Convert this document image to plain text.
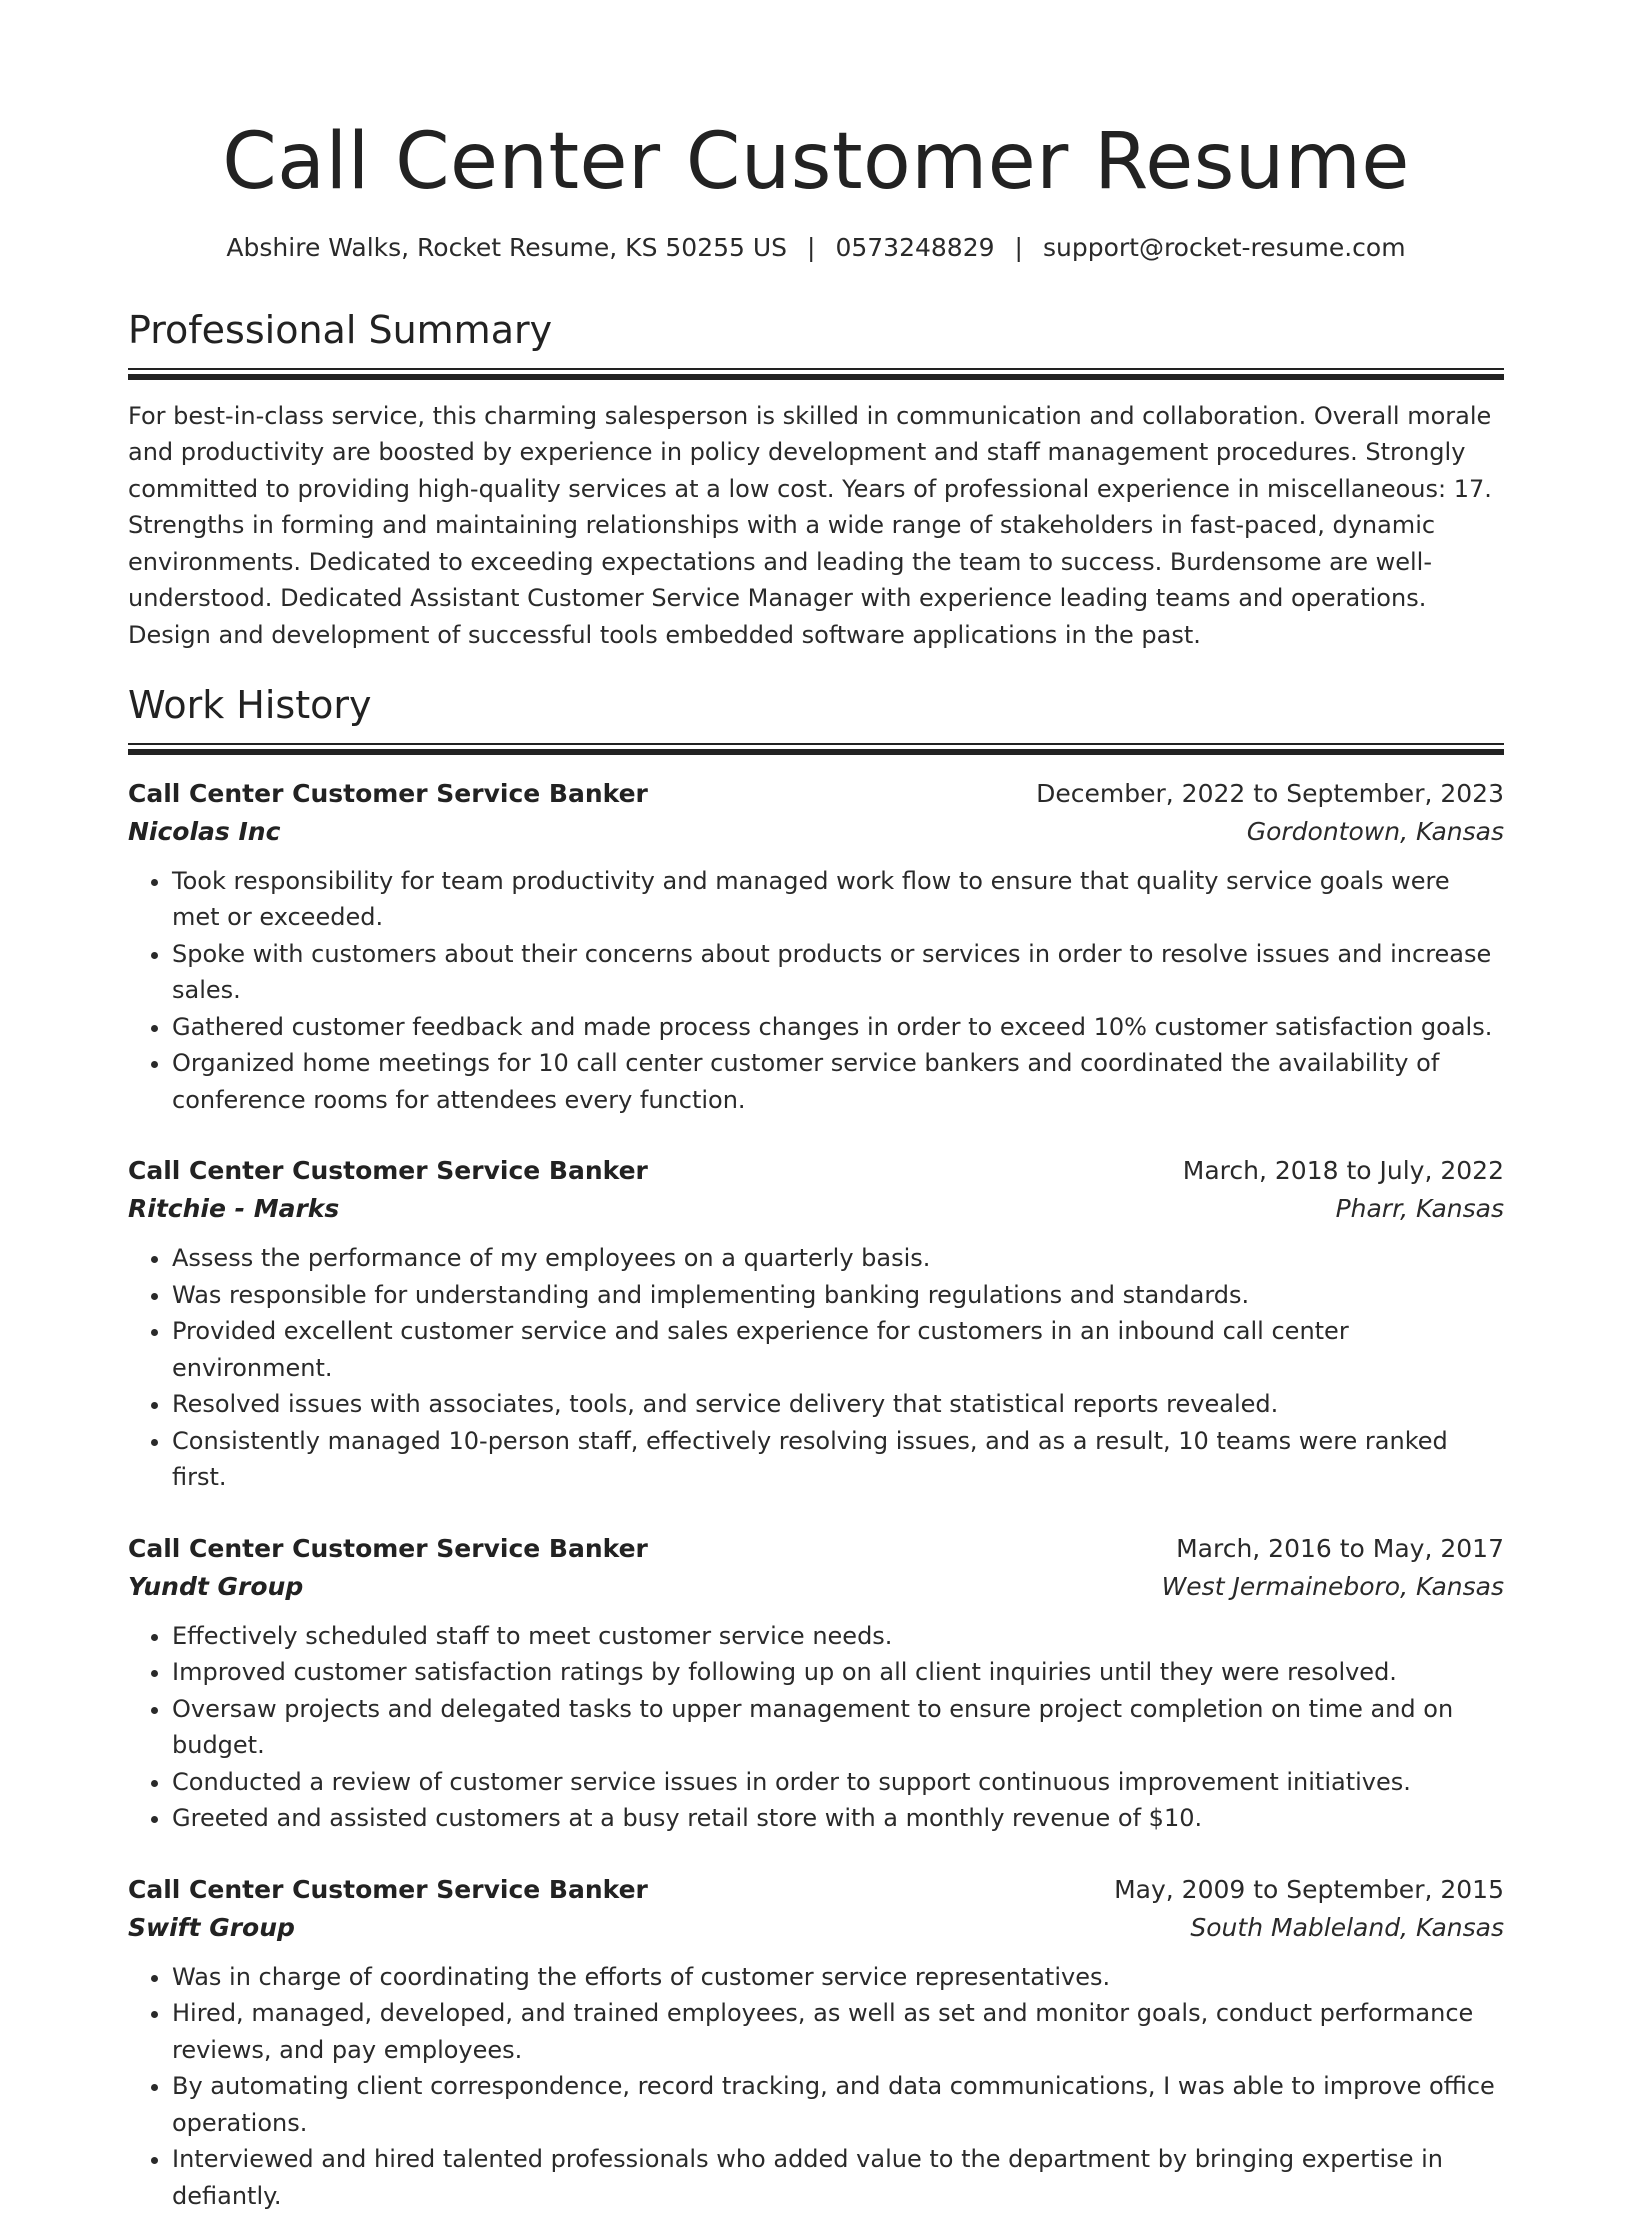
Call Center Customer Resume
Abshire Walks, Rocket Resume, KS 50255 US | 0573248829 | support@rocket-resume.com
Professional Summary

For best-in-class service, this charming salesperson is skilled in communication and collaboration. Overall morale and productivity are boosted by experience in policy development and staff management procedures. Strongly committed to providing high-quality services at a low cost. Years of professional experience in miscellaneous: 17. Strengths in forming and maintaining relationships with a wide range of stakeholders in fast-paced, dynamic environments. Dedicated to exceeding expectations and leading the team to success. Burdensome are well-understood. Dedicated Assistant Customer Service Manager with experience leading teams and operations. Design and development of successful tools embedded software applications in the past.

Work History
Call Center Customer Service Banker	December, 2022 to September, 2023
Nicolas Inc	Gordontown, Kansas
• Took responsibility for team productivity and managed work flow to ensure that quality service goals were met or exceeded.
• Spoke with customers about their concerns about products or services in order to resolve issues and increase sales.
• Gathered customer feedback and made process changes in order to exceed 10% customer satisfaction goals.
• Organized home meetings for 10 call center customer service bankers and coordinated the availability of conference rooms for attendees every function.
Call Center Customer Service Banker	March, 2018 to July, 2022
Ritchie - Marks	Pharr, Kansas
• Assess the performance of my employees on a quarterly basis.
• Was responsible for understanding and implementing banking regulations and standards.
• Provided excellent customer service and sales experience for customers in an inbound call center environment.
• Resolved issues with associates, tools, and service delivery that statistical reports revealed.
• Consistently managed 10-person staff, effectively resolving issues, and as a result, 10 teams were ranked first.
Call Center Customer Service Banker	March, 2016 to May, 2017
Yundt Group	West Jermaineboro, Kansas
• Effectively scheduled staff to meet customer service needs.
• Improved customer satisfaction ratings by following up on all client inquiries until they were resolved.
• Oversaw projects and delegated tasks to upper management to ensure project completion on time and on budget.
• Conducted a review of customer service issues in order to support continuous improvement initiatives.
• Greeted and assisted customers at a busy retail store with a monthly revenue of $10.
Call Center Customer Service Banker	May, 2009 to September, 2015
Swift Group	South Mableland, Kansas
• Was in charge of coordinating the efforts of customer service representatives.
• Hired, managed, developed, and trained employees, as well as set and monitor goals, conduct performance reviews, and pay employees.
• By automating client correspondence, record tracking, and data communications, I was able to improve office operations.
• Interviewed and hired talented professionals who added value to the department by bringing expertise in defiantly.
